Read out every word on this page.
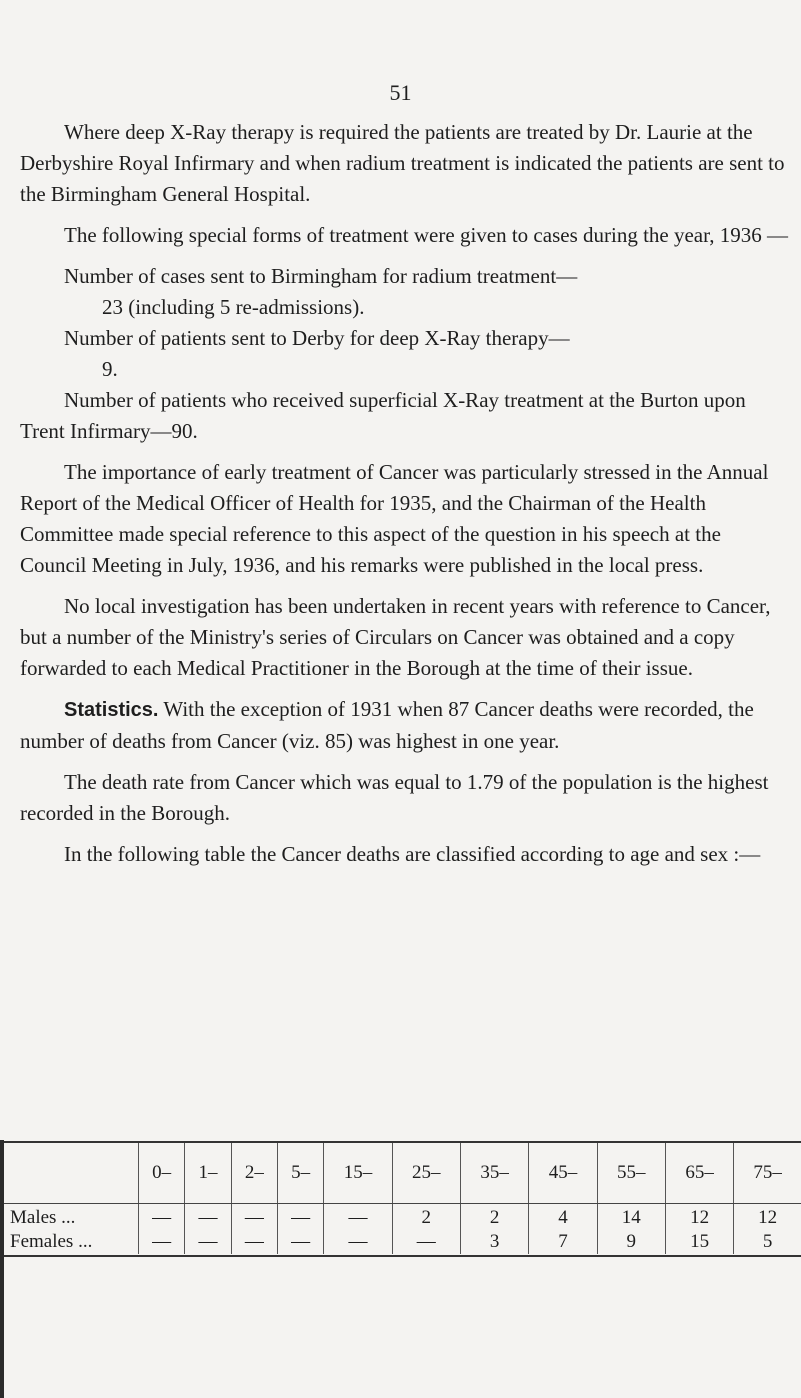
51

Where deep X-Ray therapy is required the patients are treated by Dr. Laurie at the Derbyshire Royal Infirmary and when radium treatment is indicated the patients are sent to the Birmingham General Hospital.

The following special forms of treatment were given to cases during the year, 1936 —

Number of cases sent to Birmingham for radium treatment—

23 (including 5 re-admissions).

Number of patients sent to Derby for deep X-Ray therapy—

9.

Number of patients who received superficial X-Ray treatment at the Burton upon Trent Infirmary—90.

The importance of early treatment of Cancer was particularly stressed in the Annual Report of the Medical Officer of Health for 1935, and the Chairman of the Health Committee made special reference to this aspect of the question in his speech at the Council Meeting in July, 1936, and his remarks were published in the local press.

No local investigation has been undertaken in recent years with reference to Cancer, but a number of the Ministry's series of Circulars on Cancer was obtained and a copy forwarded to each Medical Practitioner in the Borough at the time of their issue.

Statistics. With the exception of 1931 when 87 Cancer deaths were recorded, the number of deaths from Cancer (viz. 85) was highest in one year.

The death rate from Cancer which was equal to 1.79 of the population is the highest recorded in the Borough.

In the following table the Cancer deaths are classified according to age and sex :—

	0–	1–	2–	5–	15–	25–	35–	45–	55–	65–	75–
Males ...	—	—	—	—	—	2	2	4	14	12	12
Females ...	—	—	—	—	—	—	3	7	9	15	5
